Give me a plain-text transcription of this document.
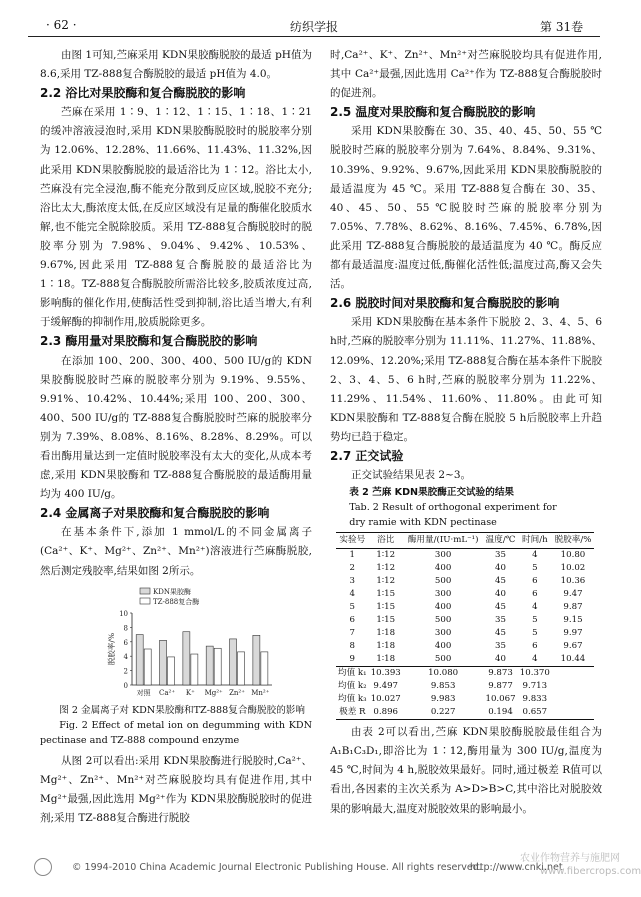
· 62 ·	纺织学报	第 31卷

由图 1可知,苎麻采用 KDN果胶酶脱胶的最适 pH值为 8.6,采用 TZ-888复合酶脱胶的最适 pH值为 4.0。

2.2 浴比对果胶酶和复合酶脱胶的影响

苎麻在采用 1∶9、1∶12、1∶15、1∶18、1∶21的缓冲溶液浸泡时,采用 KDN果胶酶脱胶时的脱胶率分别为 12.06%、12.28%、11.66%、11.43%、11.32%,因此采用 KDN果胶酶脱胶的最适浴比为 1∶12。浴比太小,苎麻没有完全浸泡,酶不能充分散到反应区域,脱胶不充分;浴比太大,酶浓度太低,在反应区域没有足量的酶催化胶质水解,也不能完全脱除胶质。采用 TZ-888复合酶脱胶时的脱胶率分别为 7.98%、9.04%、9.42%、10.53%、9.67%,因此采用 TZ-888复合酶脱胶的最适浴比为 1∶18。TZ-888复合酶脱胶所需浴比较多,胶质浓度过高,影响酶的催化作用,使酶活性受到抑制,浴比适当增大,有利于缓解酶的抑制作用,胶质脱除更多。

2.3 酶用量对果胶酶和复合酶脱胶的影响

在添加 100、200、300、400、500 IU/g的 KDN果胶酶脱胶时苎麻的脱胶率分别为 9.19%、9.55%、9.91%、10.42%、10.44%;采用 100、200、300、400、500 IU/g的 TZ-888复合酶脱胶时苎麻的脱胶率分别为 7.39%、8.08%、8.16%、8.28%、8.29%。可以看出酶用量达到一定值时脱胶率没有太大的变化,从成本考虑,采用 KDN果胶酶和 TZ-888复合酶脱胶的最适酶用量均为 400 IU/g。

2.4 金属离子对果胶酶和复合酶脱胶的影响

在基本条件下,添加 1 mmol/L的不同金属离子(Ca²⁺、K⁺、Mg²⁺、Zn²⁺、Mn²⁺)溶液进行苎麻酶脱胶,然后测定残胶率,结果如图 2所示。

0
2
4
6
8
10
脱胶率/%
对照 Ca²⁺ K⁺ Mg²⁺ Zn²⁺ Mn²⁺
KDN果胶酶
TZ-888复合酶

图 2 金属离子对 KDN果胶酶和TZ-888复合酶脱胶的影响

Fig. 2 Effect of metal ion on degumming with KDN pectinase and TZ-888 compound enzyme

从图 2可以看出:采用 KDN果胶酶进行脱胶时,Ca²⁺、Mg²⁺、Zn²⁺、Mn²⁺对苎麻脱胶均具有促进作用,其中 Mg²⁺最强,因此选用 Mg²⁺作为 KDN果胶酶脱胶时的促进剂;采用 TZ-888复合酶进行脱胶

时,Ca²⁺、K⁺、Zn²⁺、Mn²⁺对苎麻脱胶均具有促进作用,其中 Ca²⁺最强,因此选用 Ca²⁺作为 TZ-888复合酶脱胶时的促进剂。

2.5 温度对果胶酶和复合酶脱胶的影响

采用 KDN果胶酶在 30、35、40、45、50、55 ℃脱胶时苎麻的脱胶率分别为 7.64%、8.84%、9.31%、10.39%、9.92%、9.67%,因此采用 KDN果胶酶脱胶的最适温度为 45 ℃。采用 TZ-888复合酶在 30、35、40、45、50、55 ℃脱胶时苎麻的脱胶率分别为 7.05%、7.78%、8.62%、8.16%、7.45%、6.78%,因此采用 TZ-888复合酶脱胶的最适温度为 40 ℃。酶反应都有最适温度:温度过低,酶催化活性低;温度过高,酶又会失活。

2.6 脱胶时间对果胶酶和复合酶脱胶的影响

采用 KDN果胶酶在基本条件下脱胶 2、3、4、5、6 h时,苎麻的脱胶率分别为 11.11%、11.27%、11.88%、12.09%、12.20%;采用 TZ-888复合酶在基本条件下脱胶 2、3、4、5、6 h时,苎麻的脱胶率分别为 11.22%、11.29%、11.54%、11.60%、11.80%。由此可知 KDN果胶酶和 TZ-888复合酶在脱胶 5 h后脱胶率上升趋势均已趋于稳定。

2.7 正交试验

正交试验结果见表 2~3。

表 2 苎麻 KDN果胶酶正交试验的结果

Tab. 2 Result of orthogonal experiment for

dry ramie with KDN pectinase

实验号	浴比	酶用量/(IU·mL⁻¹)	温度/℃	时间/h	脱胶率/%
1	1∶12	300	35	4	10.80
2	1∶12	400	40	5	10.02
3	1∶12	500	45	6	10.36
4	1∶15	300	40	6	9.47
5	1∶15	400	45	4	9.87
6	1∶15	500	35	5	9.15
7	1∶18	300	45	5	9.97
8	1∶18	400	35	6	9.67
9	1∶18	500	40	4	10.44
均值 k₁	10.393	10.080	9.873	10.370	
均值 k₂	9.497	9.853	9.877	9.713	
均值 k₃	10.027	9.983	10.067	9.833	
极差 R	0.896	0.227	0.194	0.657	

由表 2可以看出,苎麻 KDN果胶酶脱胶最佳组合为 A₁B₁C₃D₁,即浴比为 1∶12,酶用量为 300 IU/g,温度为 45 ℃,时间为 4 h,脱胶效果最好。同时,通过极差 R值可以看出,各因素的主次关系为 A>D>B>C,其中浴比对脱胶效果的影响最大,温度对脱胶效果的影响最小。

© 1994-2010 China Academic Journal Electronic Publishing House. All rights reserved.
http://www.cnki.net
农业作物营养与施肥网
www.fibercrops.com
